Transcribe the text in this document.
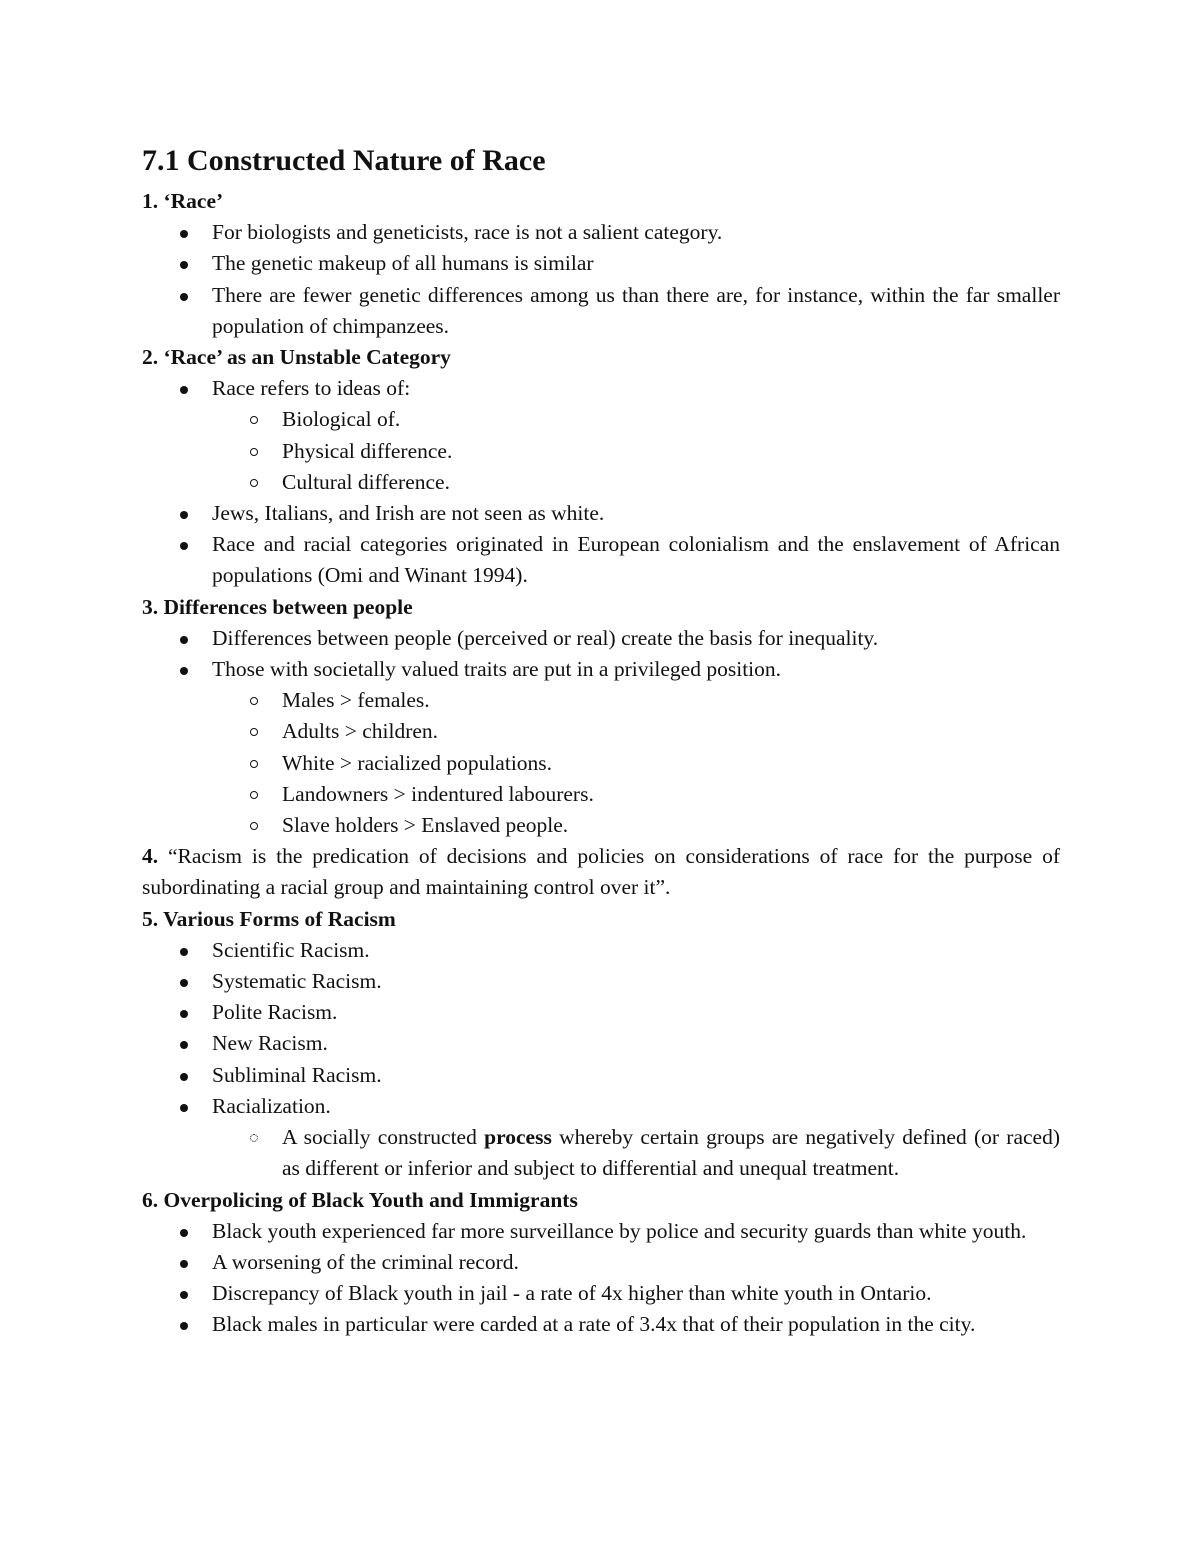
7.1 Constructed Nature of Race
1. ‘Race’
For biologists and geneticists, race is not a salient category.
The genetic makeup of all humans is similar
There are fewer genetic differences among us than there are, for instance, within the far smaller population of chimpanzees.
2. ‘Race’ as an Unstable Category
Race refers to ideas of:
Biological of.
Physical difference.
Cultural difference.
Jews, Italians, and Irish are not seen as white.
Race and racial categories originated in European colonialism and the enslavement of African populations (Omi and Winant 1994).
3. Differences between people
Differences between people (perceived or real) create the basis for inequality.
Those with societally valued traits are put in a privileged position.
Males > females.
Adults > children.
White > racialized populations.
Landowners > indentured labourers.
Slave holders > Enslaved people.
4. “Racism is the predication of decisions and policies on considerations of race for the purpose of subordinating a racial group and maintaining control over it”.
5. Various Forms of Racism
Scientific Racism.
Systematic Racism.
Polite Racism.
New Racism.
Subliminal Racism.
Racialization.
A socially constructed process whereby certain groups are negatively defined (or raced) as different or inferior and subject to differential and unequal treatment.
6. Overpolicing of Black Youth and Immigrants
Black youth experienced far more surveillance by police and security guards than white youth.
A worsening of the criminal record.
Discrepancy of Black youth in jail - a rate of 4x higher than white youth in Ontario.
Black males in particular were carded at a rate of 3.4x that of their population in the city.
